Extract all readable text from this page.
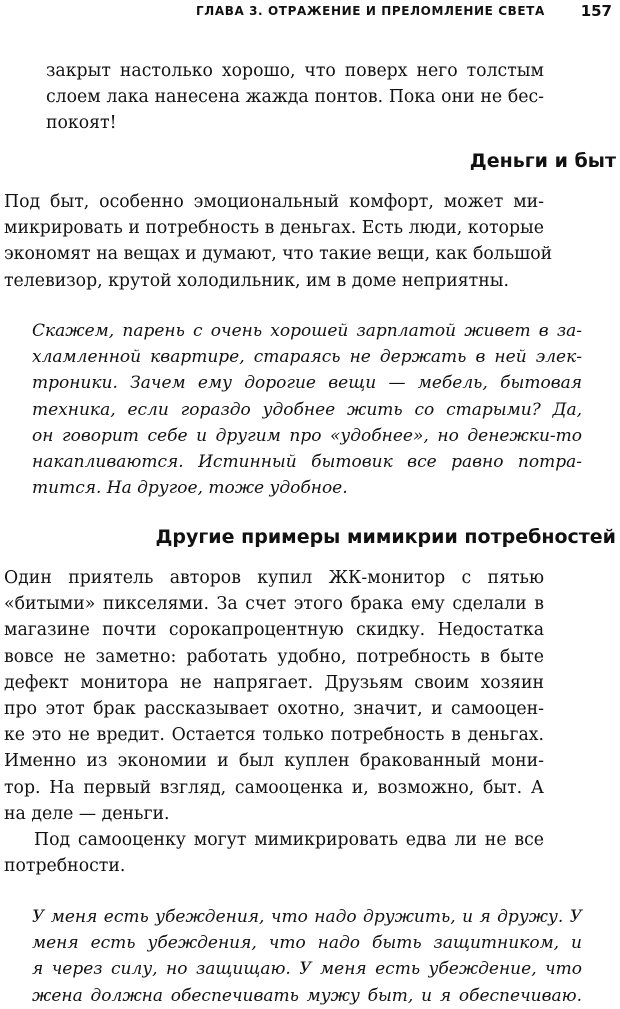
ГЛАВА 3. ОТРАЖЕНИЕ И ПРЕЛОМЛЕНИЕ СВЕТА 157
закрыт настолько хорошо, что поверх него толстым
слоем лака нанесена жажда понтов. Пока они не бес-
покоят!
Деньги и быт
Под быт, особенно эмоциональный комфорт, может ми-
микрировать и потребность в деньгах. Есть люди, которые
экономят на вещах и думают, что такие вещи, как большой
телевизор, крутой холодильник, им в доме неприятны.
Скажем, парень с очень хорошей зарплатой живет в за-
хламленной квартире, стараясь не держать в ней элек-
троники. Зачем ему дорогие вещи — мебель, бытовая
техника, если гораздо удобнее жить со старыми? Да,
он говорит себе и другим про «удобнее», но денежки-то
накапливаются. Истинный бытовик все равно потра-
тится. На другое, тоже удобное.
Другие примеры мимикрии потребностей
Один приятель авторов купил ЖК-монитор с пятью
«битыми» пикселями. За счет этого брака ему сделали в
магазине почти сорокапроцентную скидку. Недостатка
вовсе не заметно: работать удобно, потребность в быте
дефект монитора не напрягает. Друзьям своим хозяин
про этот брак рассказывает охотно, значит, и самооцен-
ке это не вредит. Остается только потребность в деньгах.
Именно из экономии и был куплен бракованный мони-
тор. На первый взгляд, самооценка и, возможно, быт. А
на деле — деньги.
Под самооценку могут мимикрировать едва ли не все
потребности.
У меня есть убеждения, что надо дружить, и я дружу. У
меня есть убеждения, что надо быть защитником, и
я через силу, но защищаю. У меня есть убеждение, что
жена должна обеспечивать мужу быт, и я обеспечиваю.
